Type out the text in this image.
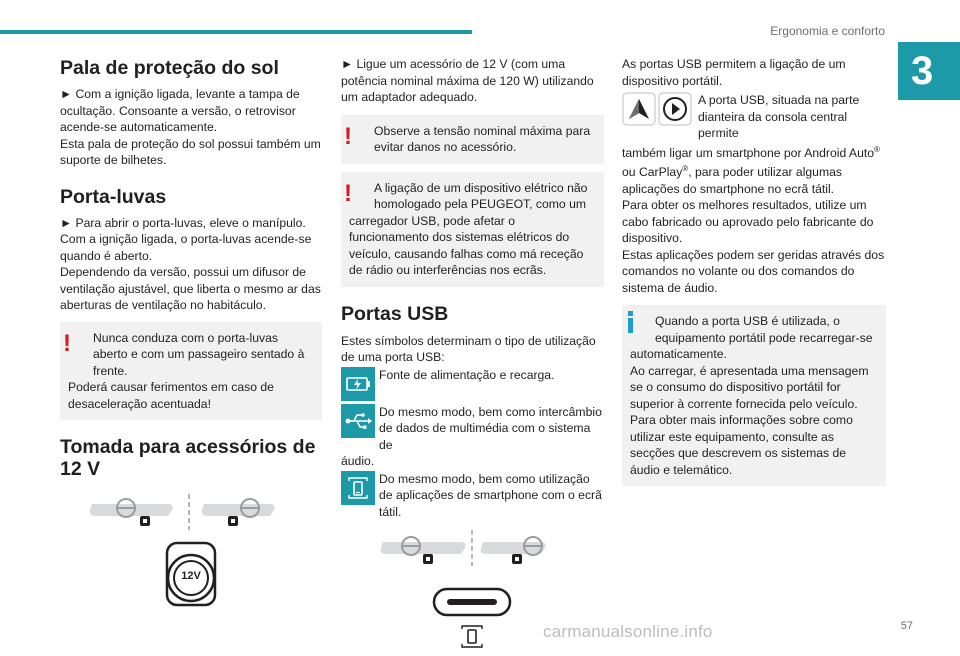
Ergonomia e conforto
3
Pala de proteção do sol

► Com a ignição ligada, levante a tampa de ocultação. Consoante a versão, o retrovisor acende-se automaticamente.

Esta pala de proteção do sol possui também um suporte de bilhetes.

Porta-luvas

► Para abrir o porta-luvas, eleve o manípulo.

Com a ignição ligada, o porta-luvas acende-se quando é aberto.

Dependendo da versão, possui um difusor de ventilação ajustável, que liberta o mesmo ar das aberturas de ventilação no habitáculo.

!	Nunca conduza com o porta-luvas aberto e com um passageiro sentado à frente.
Poderá causar ferimentos em caso de desaceleração acentuada!
Tomada para acessórios de 12 V
12V

► Ligue um acessório de 12 V (com uma potência nominal máxima de 120 W) utilizando um adaptador adequado.

!	Observe a tensão nominal máxima para evitar danos no acessório.
!	A ligação de um dispositivo elétrico não homologado pela PEUGEOT, como um
carregador USB, pode afetar o funcionamento dos sistemas elétricos do veículo, causando falhas como má receção de rádio ou interferências nos ecrãs.
Portas USB

Estes símbolos determinam o tipo de utilização de uma porta USB:

Fonte de alimentação e recarga.
Do mesmo modo, bem como intercâmbio de dados de multimédia com o sistema de
áudio.
Do mesmo modo, bem como utilização de aplicações de smartphone com o ecrã tátil.

As portas USB permitem a ligação de um dispositivo portátil.

A porta USB, situada na parte dianteira da consola central permite
também ligar um smartphone por Android Auto® ou CarPlay®, para poder utilizar algumas aplicações do smartphone no ecrã tátil.

Para obter os melhores resultados, utilize um cabo fabricado ou aprovado pelo fabricante do dispositivo.

Estas aplicações podem ser geridas através dos comandos no volante ou dos comandos do sistema de áudio.

Quando a porta USB é utilizada, o equipamento portátil pode recarregar-se
automaticamente.
Ao carregar, é apresentada uma mensagem se o consumo do dispositivo portátil for superior à corrente fornecida pelo veículo.
Para obter mais informações sobre como utilizar este equipamento, consulte as secções que descrevem os sistemas de áudio e telemático.
57
carmanualsonline.info
